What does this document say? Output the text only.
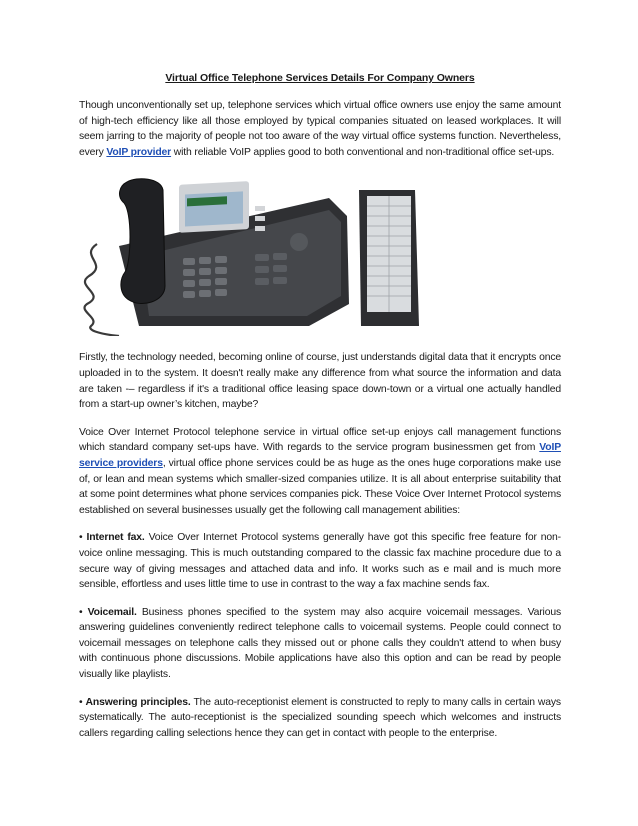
Virtual Office Telephone Services Details For Company Owners

Though unconventionally set up, telephone services which virtual office owners use enjoy the same amount of high-tech efficiency like all those employed by typical companies situated on leased workplaces. It will seem jarring to the majority of people not too aware of the way virtual office systems function. Nevertheless, every VoIP provider with reliable VoIP applies good to both conventional and non-traditional office set-ups.

Firstly, the technology needed, becoming online of course, just understands digital data that it encrypts once uploaded in to the system. It doesn't really make any difference from what source the information and data are taken -– regardless if it's a traditional office leasing space down-town or a virtual one actually handled from a start-up owner’s kitchen, maybe?

Voice Over Internet Protocol telephone service in virtual office set-up enjoys call management functions which standard company set-ups have. With regards to the service program businessmen get from VoIP service providers, virtual office phone services could be as huge as the ones huge corporations make use of, or lean and mean systems which smaller-sized companies utilize. It is all about enterprise suitability that at some point determines what phone services companies pick. These Voice Over Internet Protocol systems established on several businesses usually get the following call management abilities:

• Internet fax. Voice Over Internet Protocol systems generally have got this specific free feature for non-voice online messaging. This is much outstanding compared to the classic fax machine procedure due to a secure way of giving messages and attached data and info. It works such as e mail and is much more sensible, effortless and uses little time to use in contrast to the way a fax machine sends fax.

• Voicemail. Business phones specified to the system may also acquire voicemail messages. Various answering guidelines conveniently redirect telephone calls to voicemail systems. People could connect to voicemail messages on telephone calls they missed out or phone calls they couldn't attend to when busy with continuous phone discussions. Mobile applications have also this option and can be read by people visually like playlists.

• Answering principles. The auto-receptionist element is constructed to reply to many calls in certain ways systematically. The auto-receptionist is the specialized sounding speech which welcomes and instructs callers regarding calling selections hence they can get in contact with people to the enterprise.
